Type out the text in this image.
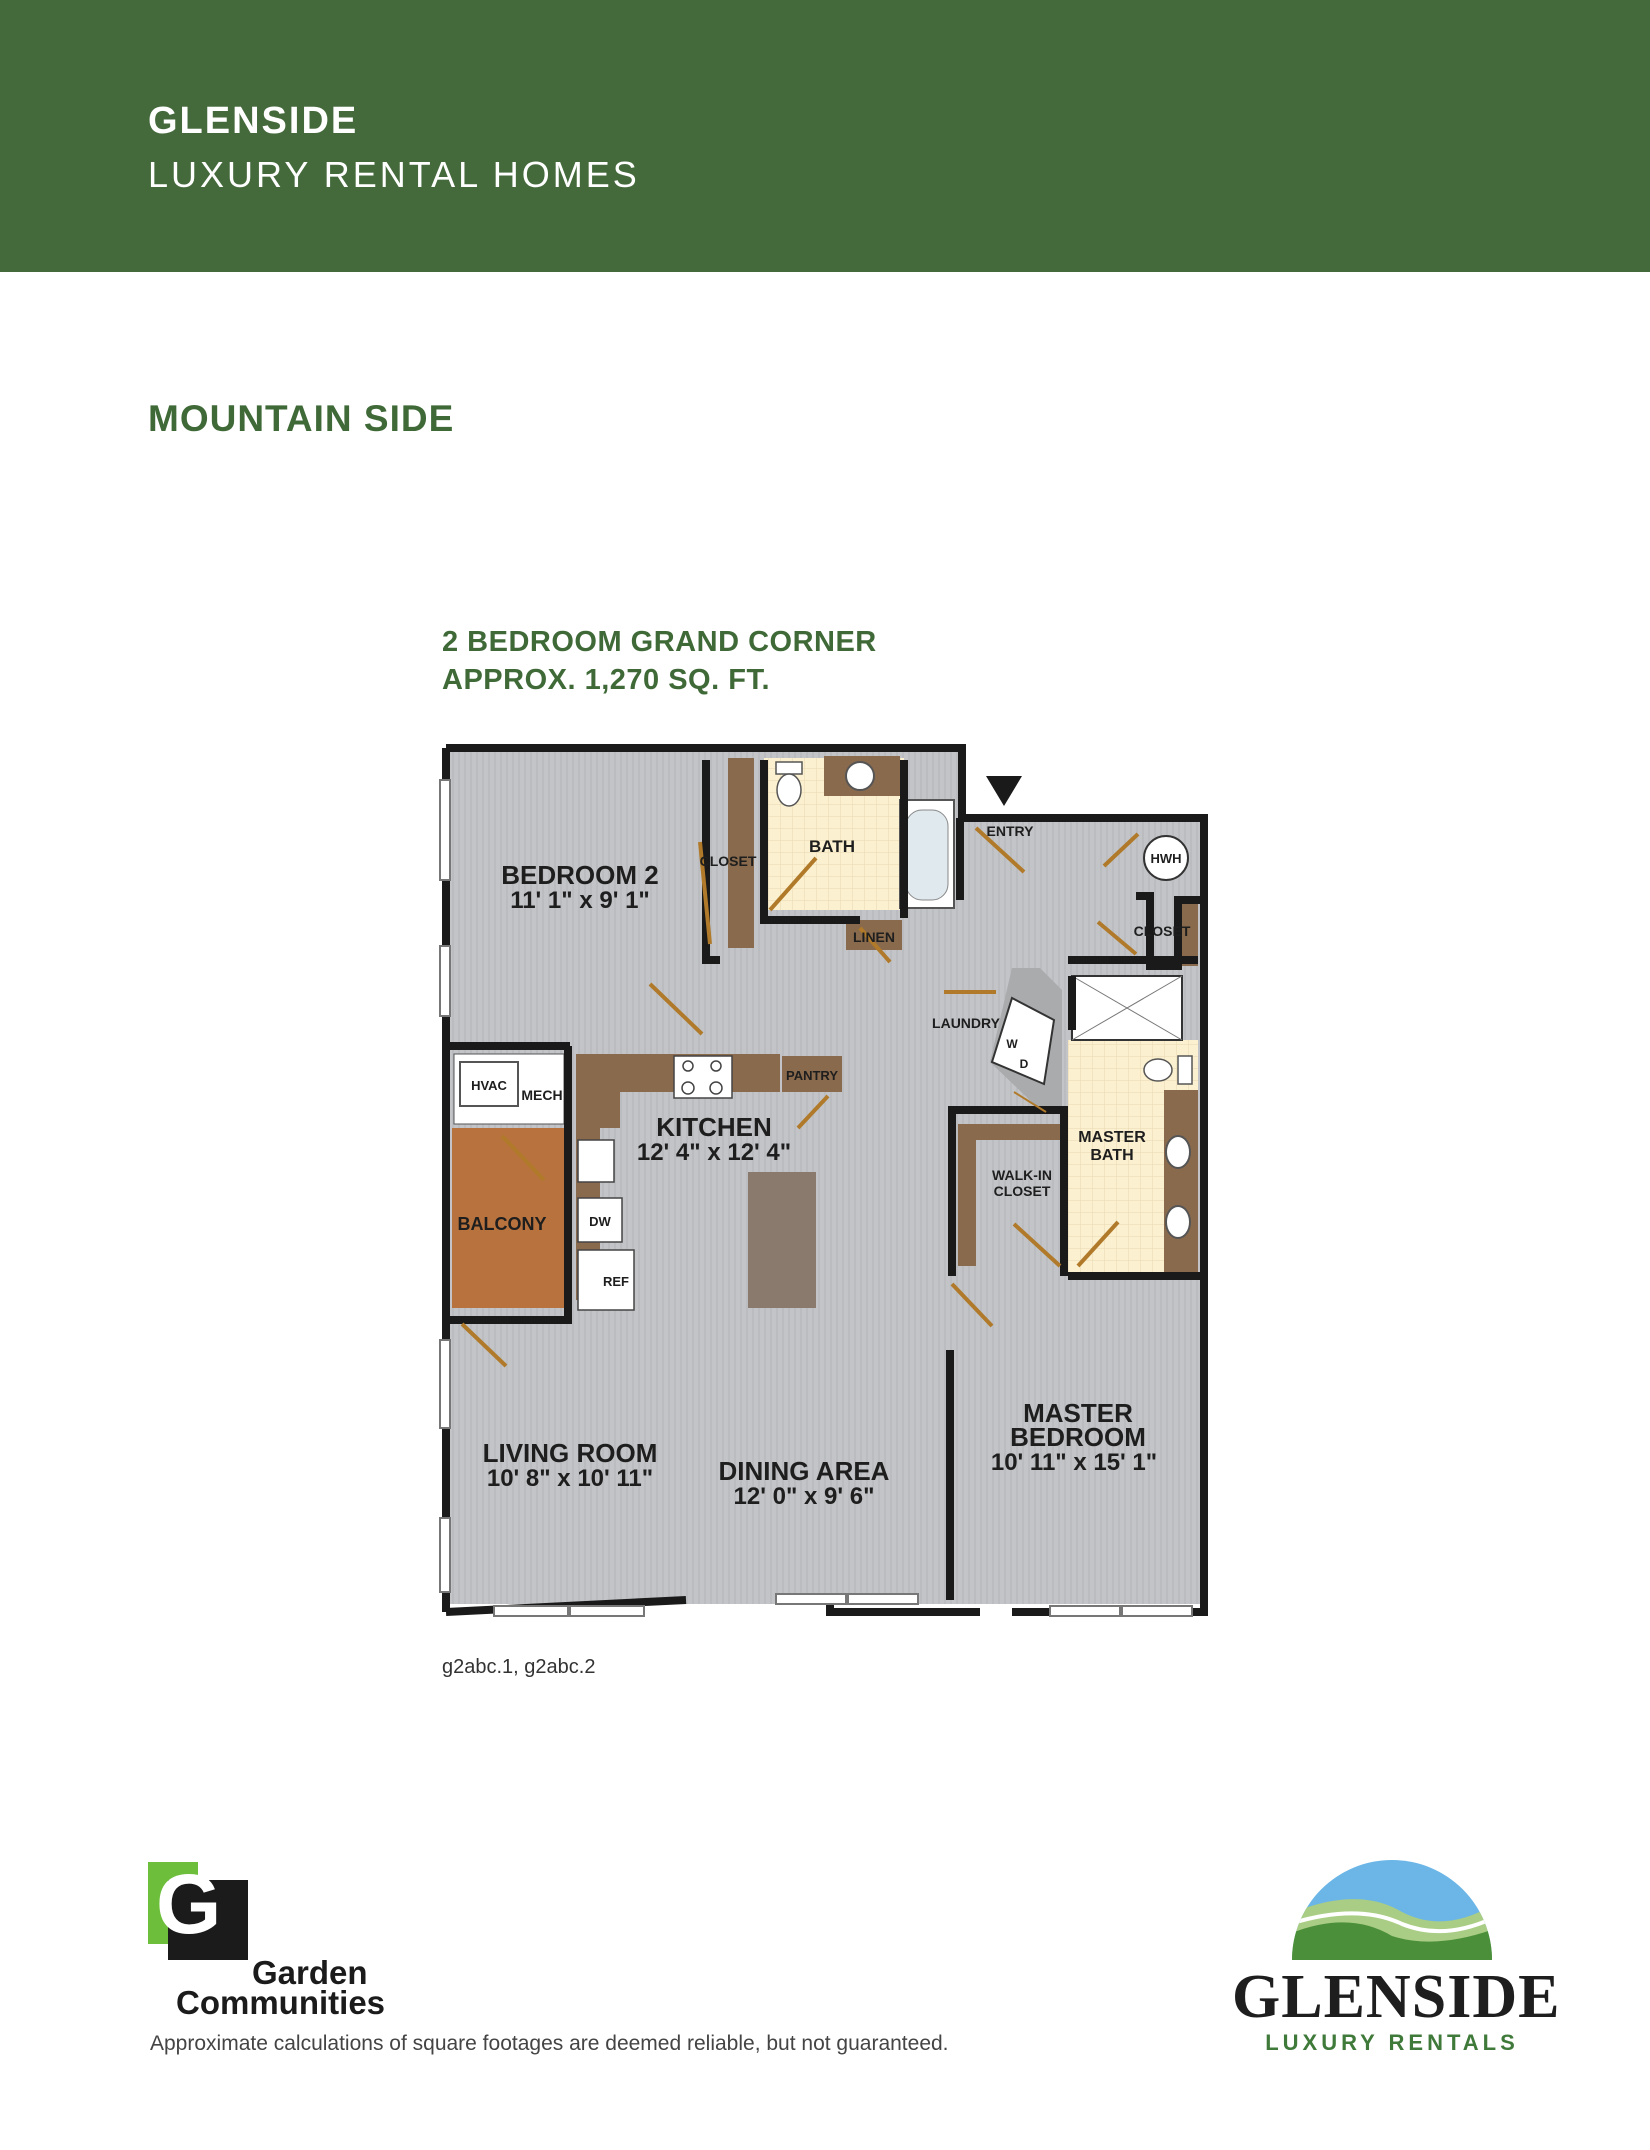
GLENSIDE
LUXURY RENTAL HOMES
MOUNTAIN SIDE
2 BEDROOM GRAND CORNER
APPROX. 1,270 SQ. FT.
BEDROOM 2
11' 1" x 9' 1"
CLOSET
BATH
LINEN
ENTRY
HWH
CLOSET
LAUNDRY
W
D
HVAC
MECH
PANTRY
KITCHEN
12' 4" x 12' 4"
DW
REF
BALCONY
MASTER
BATH
WALK-IN
CLOSET
LIVING ROOM
10' 8" x 10' 11"	DINING AREA
12' 0" x 9' 6"
MASTER
BEDROOM
10' 11" x 15' 1"
g2abc.1, g2abc.2
G
Garden
Communities
Approximate calculations of square footages are deemed reliable, but not guaranteed.
GLENSIDE
LUXURY RENTALS
